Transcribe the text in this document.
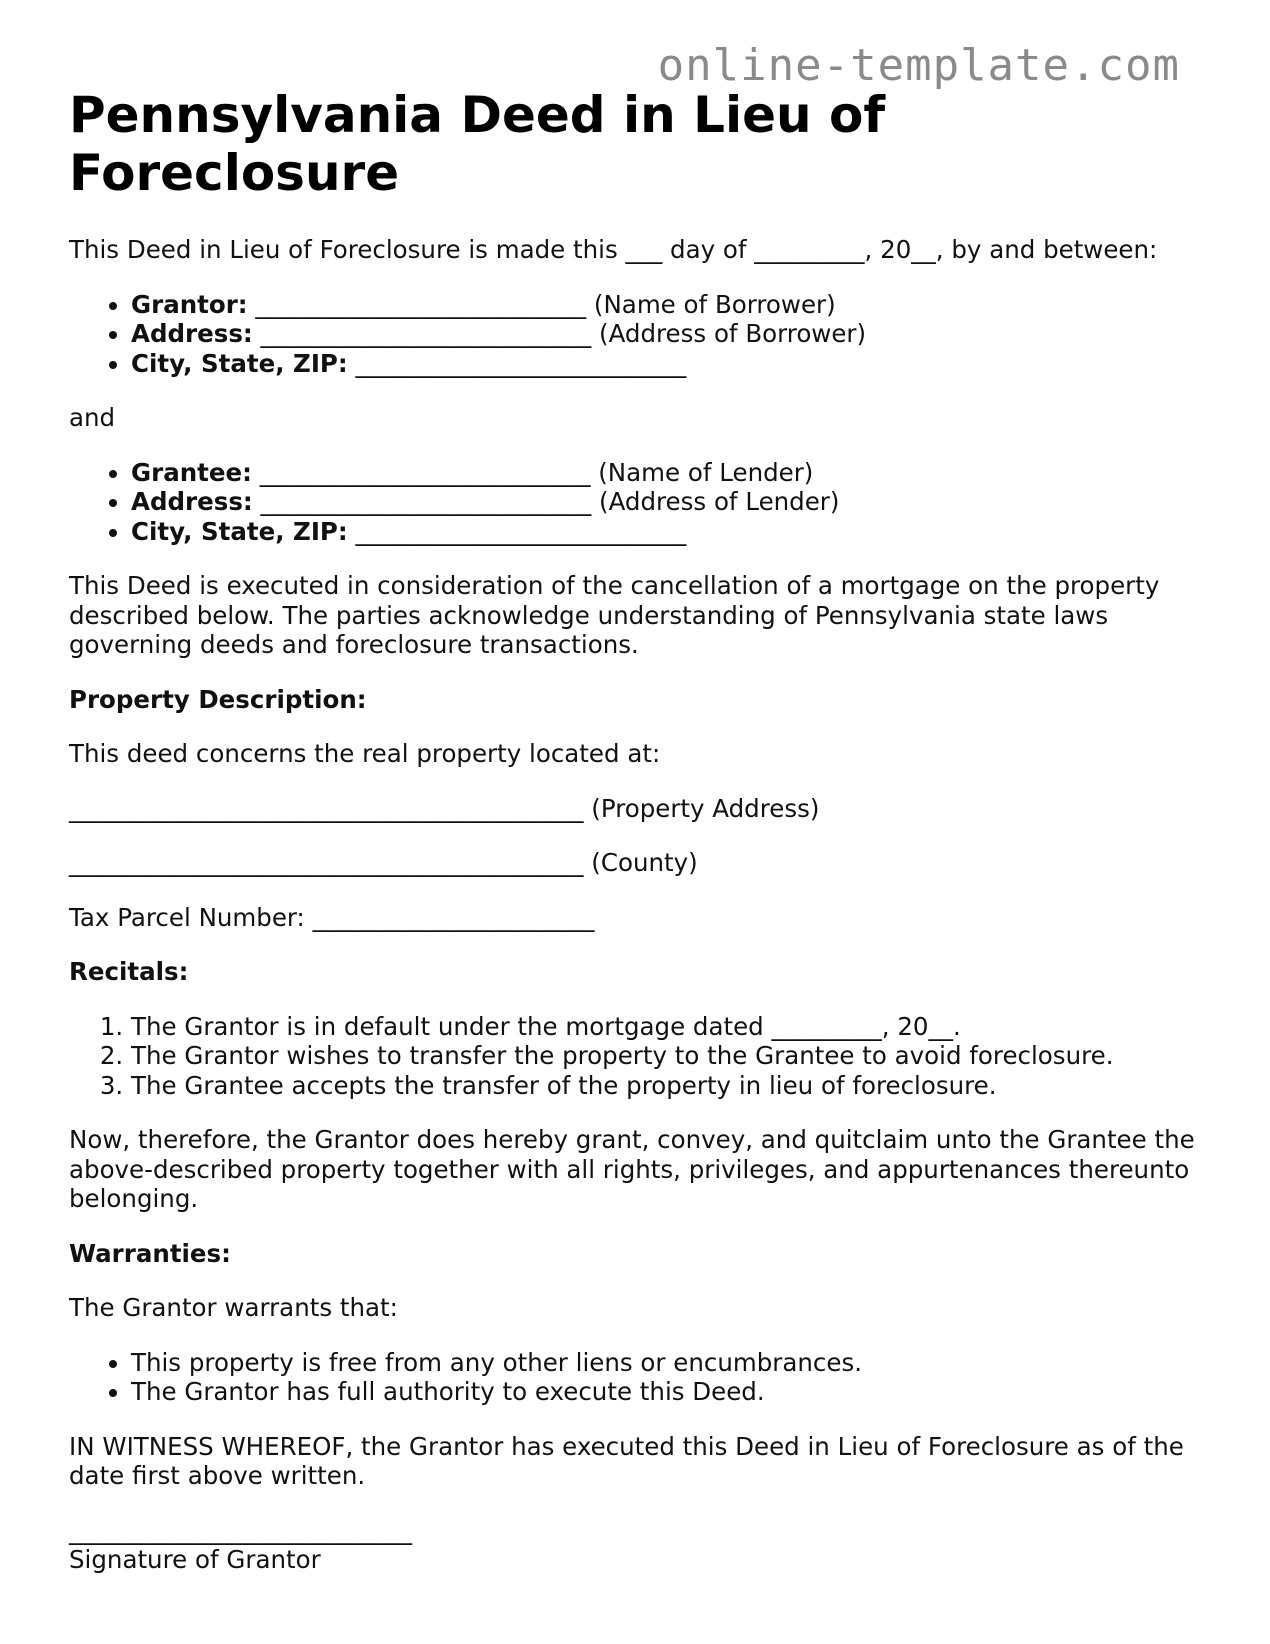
online-template.com
Pennsylvania Deed in Lieu of Foreclosure

This Deed in Lieu of Foreclosure is made this ___ day of _________, 20__, by and between:

• Grantor: ___________________________ (Name of Borrower)
• Address: ___________________________ (Address of Borrower)
• City, State, ZIP: ___________________________

and

• Grantee: ___________________________ (Name of Lender)
• Address: ___________________________ (Address of Lender)
• City, State, ZIP: ___________________________

This Deed is executed in consideration of the cancellation of a mortgage on the property described below. The parties acknowledge understanding of Pennsylvania state laws governing deeds and foreclosure transactions.

Property Description:

This deed concerns the real property located at:

__________________________________________ (Property Address)

__________________________________________ (County)

Tax Parcel Number: _______________________

Recitals:
1. The Grantor is in default under the mortgage dated _________, 20__.
2. The Grantor wishes to transfer the property to the Grantee to avoid foreclosure.
3. The Grantee accepts the transfer of the property in lieu of foreclosure.

Now, therefore, the Grantor does hereby grant, convey, and quitclaim unto the Grantee the above-described property together with all rights, privileges, and appurtenances thereunto belonging.

Warranties:

The Grantor warrants that:

• This property is free from any other liens or encumbrances.
• The Grantor has full authority to execute this Deed.

IN WITNESS WHEREOF, the Grantor has executed this Deed in Lieu of Foreclosure as of the date first above written.

____________________________
Signature of Grantor
